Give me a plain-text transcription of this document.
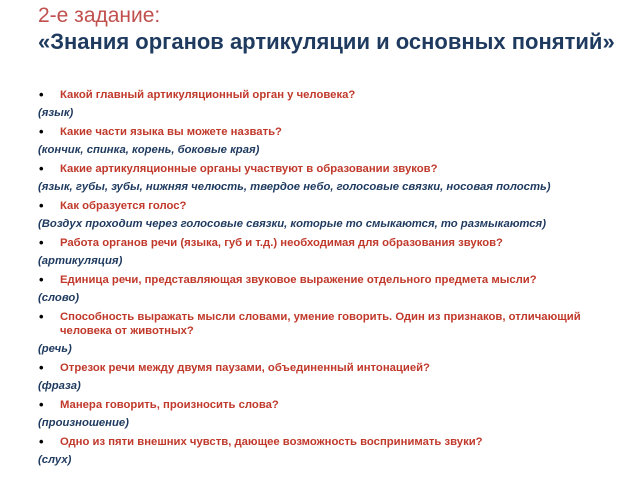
2-е задание:
«Знания органов артикуляции и основных понятий»
• Какой главный артикуляционный орган у человека?
(язык)
• Какие части языка вы можете назвать?
(кончик, спинка, корень, боковые края)
• Какие артикуляционные органы участвуют в образовании звуков?
(язык, губы, зубы, нижняя челюсть, твердое небо, голосовые связки, носовая полость)
• Как образуется голос?
(Воздух проходит через голосовые связки, которые то смыкаются, то размыкаются)
• Работа органов речи (языка, губ и т.д.) необходимая для образования звуков?
(артикуляция)
• Единица речи, представляющая звуковое выражение отдельного предмета мысли?
(слово)
• Способность выражать мысли словами, умение говорить. Один из признаков, отличающий человека от животных?
(речь)
• Отрезок речи между двумя паузами, объединенный интонацией?
(фраза)
• Манера говорить, произносить слова?
(произношение)
• Одно из пяти внешних чувств, дающее возможность воспринимать звуки?
(слух)
